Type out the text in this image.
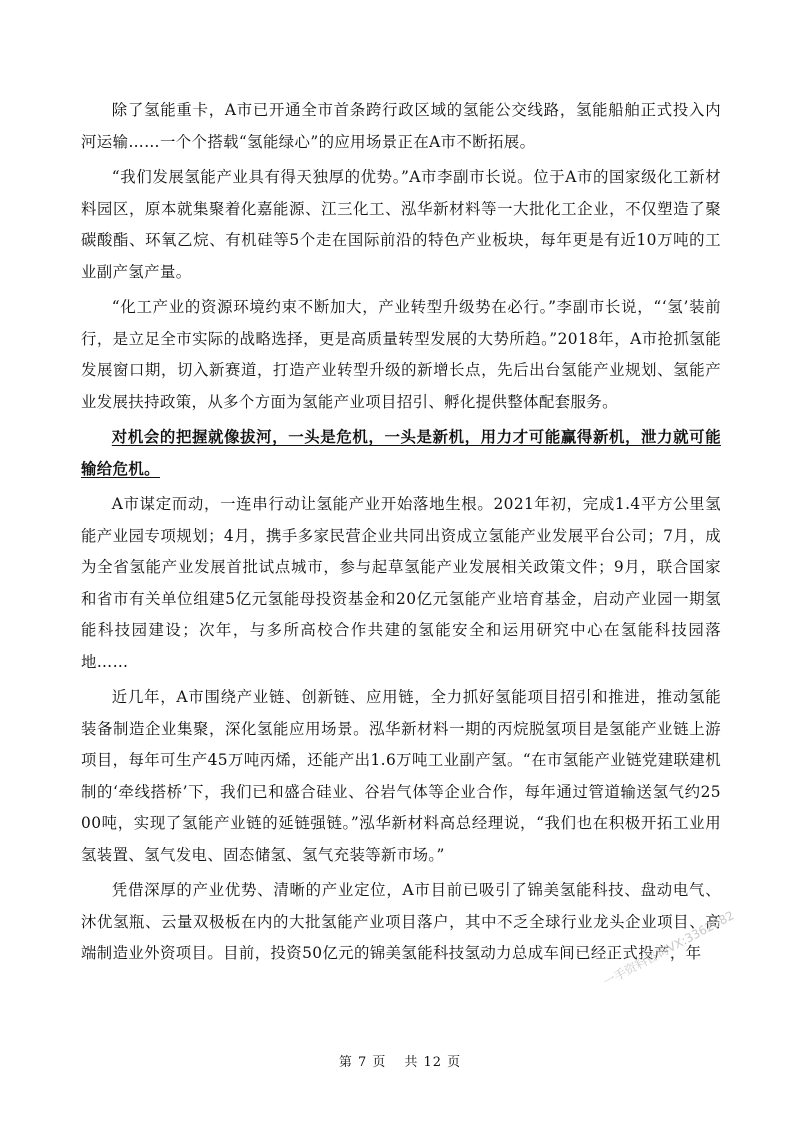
除了氢能重卡，A市已开通全市首条跨行政区域的氢能公交线路，氢能船舶正式投入内河运输……一个个搭载“氢能绿心”的应用场景正在A市不断拓展。

“我们发展氢能产业具有得天独厚的优势。”A市李副市长说。位于A市的国家级化工新材料园区，原本就集聚着化嘉能源、江三化工、泓华新材料等一大批化工企业，不仅塑造了聚碳酸酯、环氧乙烷、有机硅等5个走在国际前沿的特色产业板块，每年更是有近10万吨的工业副产氢产量。

“化工产业的资源环境约束不断加大，产业转型升级势在必行。”李副市长说，“‘氢’装前行，是立足全市实际的战略选择，更是高质量转型发展的大势所趋。”2018年，A市抢抓氢能发展窗口期，切入新赛道，打造产业转型升级的新增长点，先后出台氢能产业规划、氢能产业发展扶持政策，从多个方面为氢能产业项目招引、孵化提供整体配套服务。

对机会的把握就像拔河，一头是危机，一头是新机，用力才可能赢得新机，泄力就可能输给危机。

A市谋定而动，一连串行动让氢能产业开始落地生根。2021年初，完成1.4平方公里氢能产业园专项规划；4月，携手多家民营企业共同出资成立氢能产业发展平台公司；7月，成为全省氢能产业发展首批试点城市，参与起草氢能产业发展相关政策文件；9月，联合国家和省市有关单位组建5亿元氢能母投资基金和20亿元氢能产业培育基金，启动产业园一期氢能科技园建设；次年，与多所高校合作共建的氢能安全和运用研究中心在氢能科技园落地……

近几年，A市围绕产业链、创新链、应用链，全力抓好氢能项目招引和推进，推动氢能装备制造企业集聚，深化氢能应用场景。泓华新材料一期的丙烷脱氢项目是氢能产业链上游项目，每年可生产45万吨丙烯，还能产出1.6万吨工业副产氢。“在市氢能产业链党建联建机制的‘牵线搭桥’下，我们已和盛合硅业、谷岩气体等企业合作，每年通过管道输送氢气约2500吨，实现了氢能产业链的延链强链。”泓华新材料高总经理说，“我们也在积极开拓工业用氢装置、氢气发电、固态储氢、氢气充装等新市场。”

凭借深厚的产业优势、清晰的产业定位，A市目前已吸引了锦美氢能科技、盘动电气、沐优氢瓶、云量双极板在内的大批氢能产业项目落户，其中不乏全球行业龙头企业项目、高端制造业外资项目。目前，投资50亿元的锦美氢能科技氢动力总成车间已经正式投产，年

一手资料咨询VX:3362082
第 7 页 共 12 页
